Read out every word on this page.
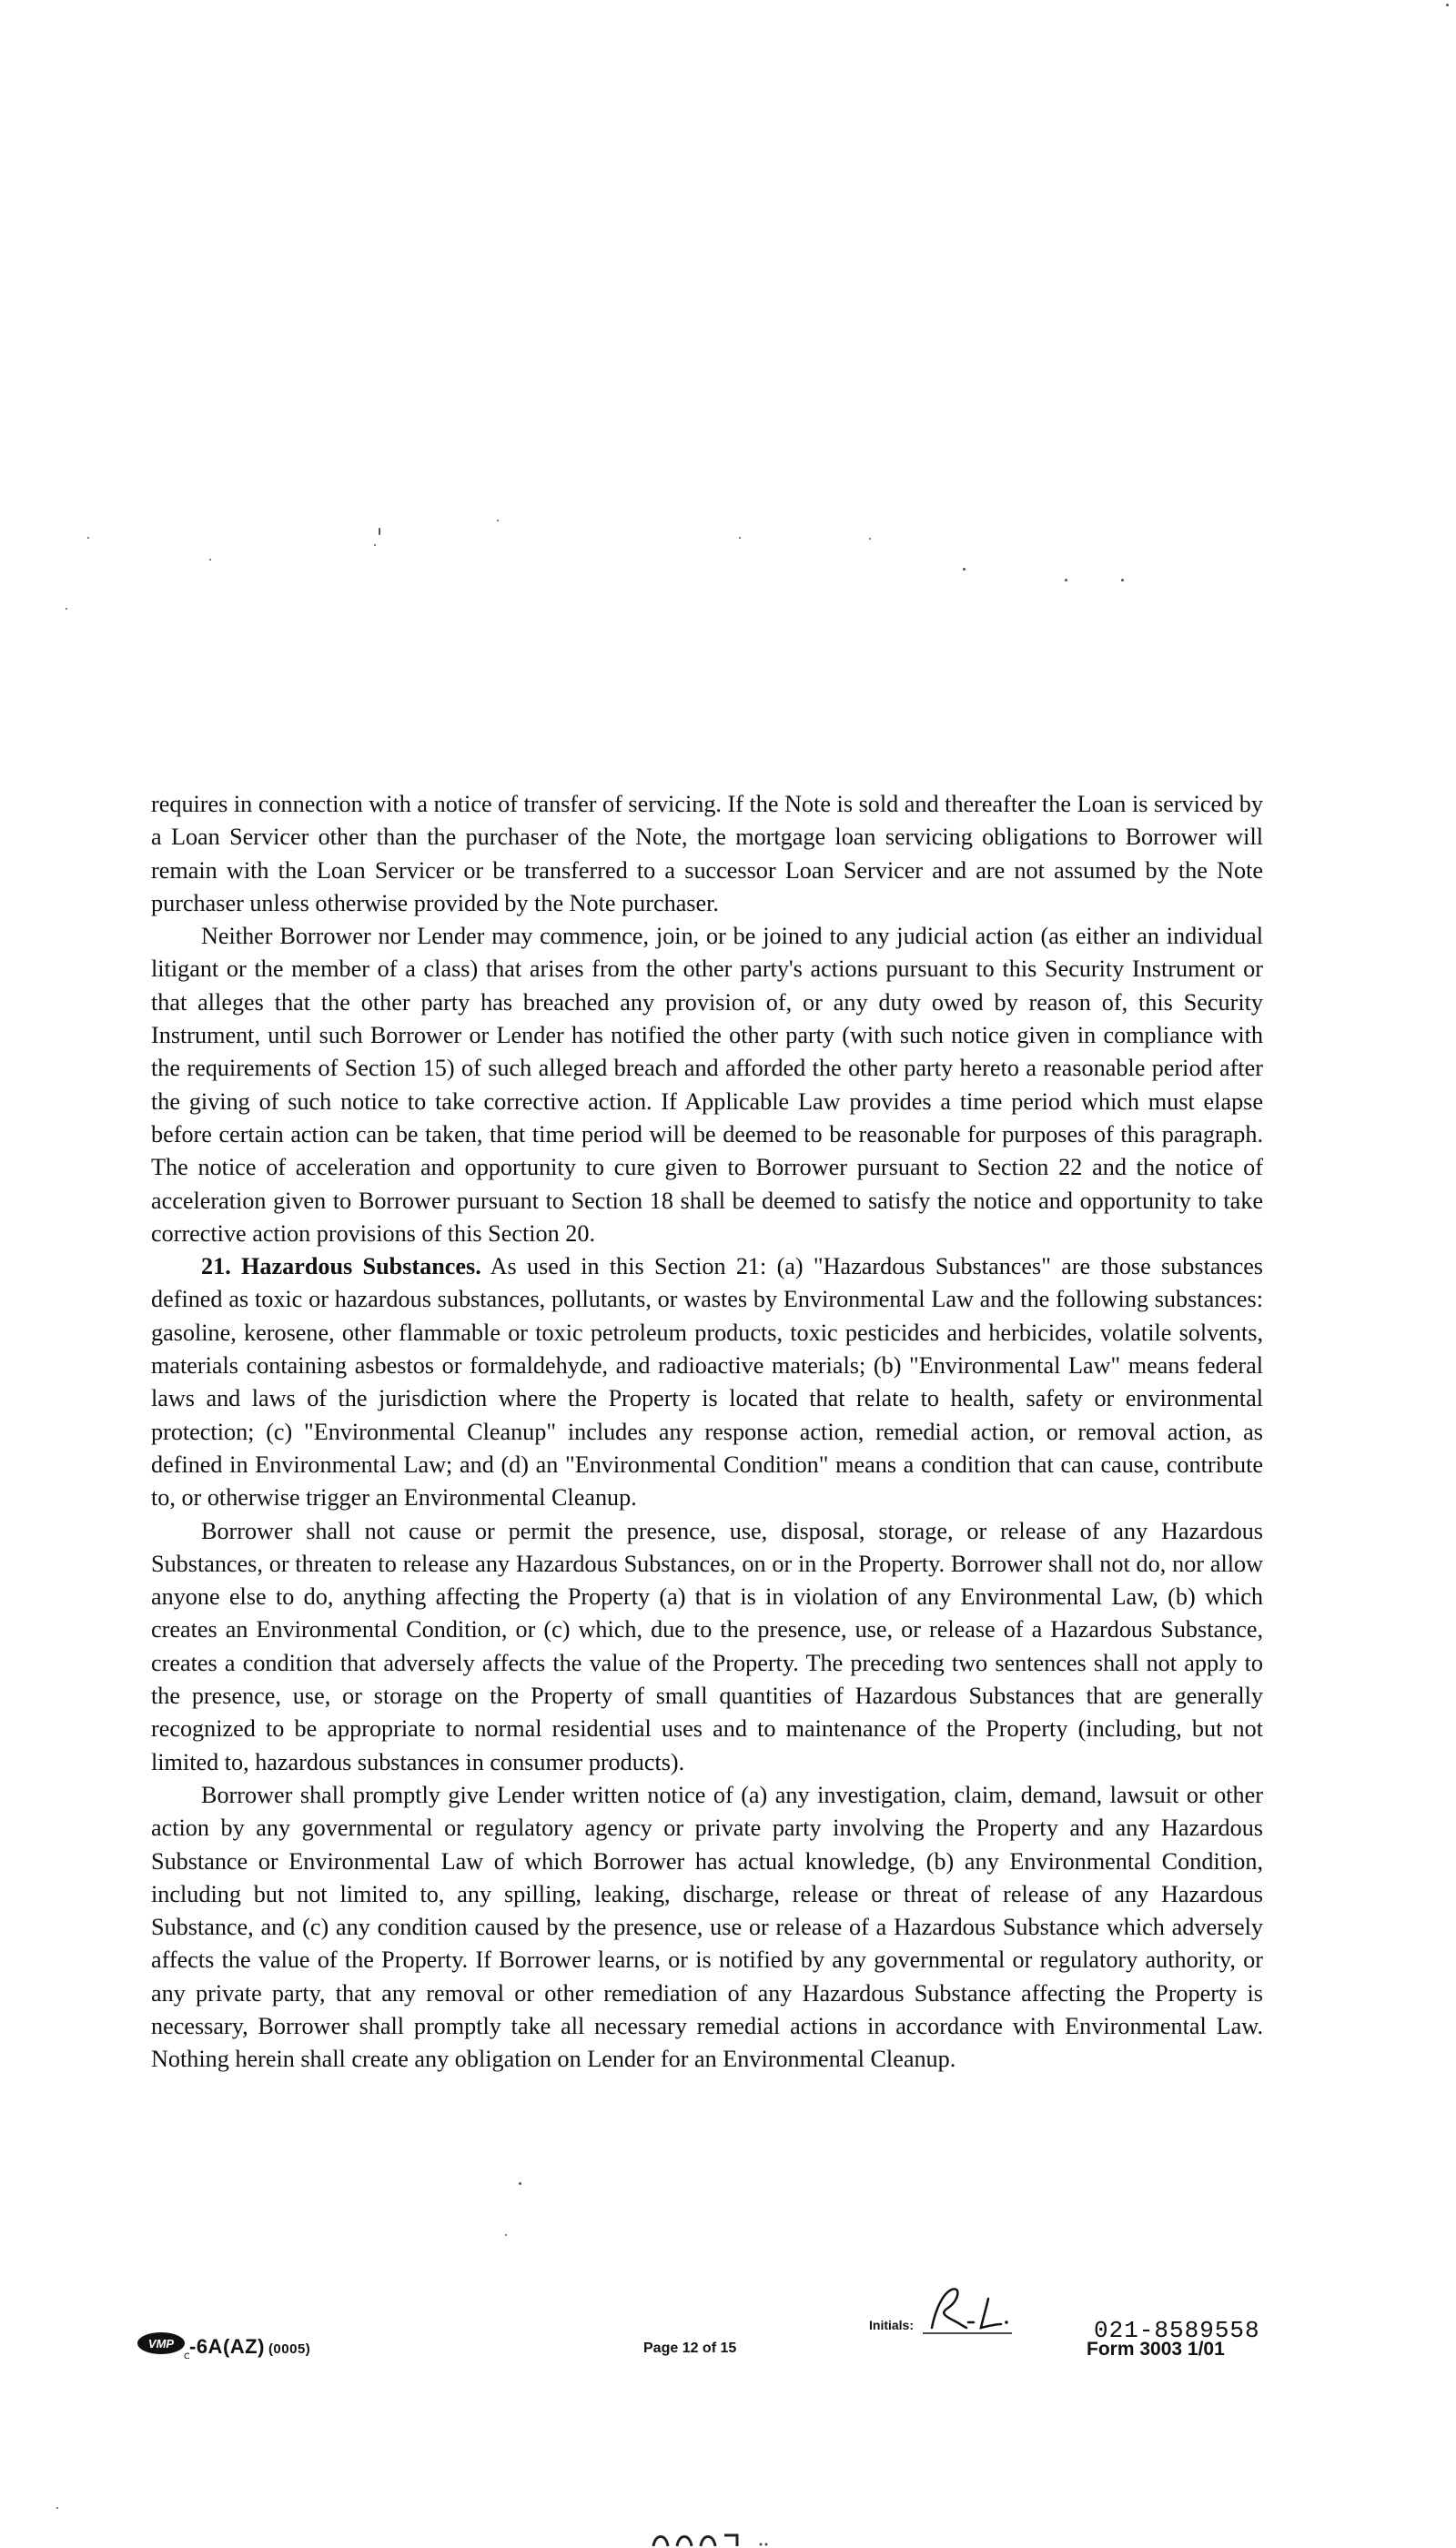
requires in connection with a notice of transfer of servicing. If the Note is sold and thereafter the Loan is serviced by a Loan Servicer other than the purchaser of the Note, the mortgage loan servicing obligations to Borrower will remain with the Loan Servicer or be transferred to a successor Loan Servicer and are not assumed by the Note purchaser unless otherwise provided by the Note purchaser.

Neither Borrower nor Lender may commence, join, or be joined to any judicial action (as either an individual litigant or the member of a class) that arises from the other party's actions pursuant to this Security Instrument or that alleges that the other party has breached any provision of, or any duty owed by reason of, this Security Instrument, until such Borrower or Lender has notified the other party (with such notice given in compliance with the requirements of Section 15) of such alleged breach and afforded the other party hereto a reasonable period after the giving of such notice to take corrective action. If Applicable Law provides a time period which must elapse before certain action can be taken, that time period will be deemed to be reasonable for purposes of this paragraph. The notice of acceleration and opportunity to cure given to Borrower pursuant to Section 22 and the notice of acceleration given to Borrower pursuant to Section 18 shall be deemed to satisfy the notice and opportunity to take corrective action provisions of this Section 20.

21. Hazardous Substances. As used in this Section 21: (a) "Hazardous Substances" are those substances defined as toxic or hazardous substances, pollutants, or wastes by Environmental Law and the following substances: gasoline, kerosene, other flammable or toxic petroleum products, toxic pesticides and herbicides, volatile solvents, materials containing asbestos or formaldehyde, and radioactive materials; (b) "Environmental Law" means federal laws and laws of the jurisdiction where the Property is located that relate to health, safety or environmental protection; (c) "Environmental Cleanup" includes any response action, remedial action, or removal action, as defined in Environmental Law; and (d) an "Environmental Condition" means a condition that can cause, contribute to, or otherwise trigger an Environmental Cleanup.

Borrower shall not cause or permit the presence, use, disposal, storage, or release of any Hazardous Substances, or threaten to release any Hazardous Substances, on or in the Property. Borrower shall not do, nor allow anyone else to do, anything affecting the Property (a) that is in violation of any Environmental Law, (b) which creates an Environmental Condition, or (c) which, due to the presence, use, or release of a Hazardous Substance, creates a condition that adversely affects the value of the Property. The preceding two sentences shall not apply to the presence, use, or storage on the Property of small quantities of Hazardous Substances that are generally recognized to be appropriate to normal residential uses and to maintenance of the Property (including, but not limited to, hazardous substances in consumer products).

Borrower shall promptly give Lender written notice of (a) any investigation, claim, demand, lawsuit or other action by any governmental or regulatory agency or private party involving the Property and any Hazardous Substance or Environmental Law of which Borrower has actual knowledge, (b) any Environmental Condition, including but not limited to, any spilling, leaking, discharge, release or threat of release of any Hazardous Substance, and (c) any condition caused by the presence, use or release of a Hazardous Substance which adversely affects the value of the Property. If Borrower learns, or is notified by any governmental or regulatory authority, or any private party, that any removal or other remediation of any Hazardous Substance affecting the Property is necessary, Borrower shall promptly take all necessary remedial actions in accordance with Environmental Law. Nothing herein shall create any obligation on Lender for an Environmental Cleanup.

VMP -6A(AZ) (0005)	Page 12 of 15
Initials:	021-8589558
Form 3003 1/01
